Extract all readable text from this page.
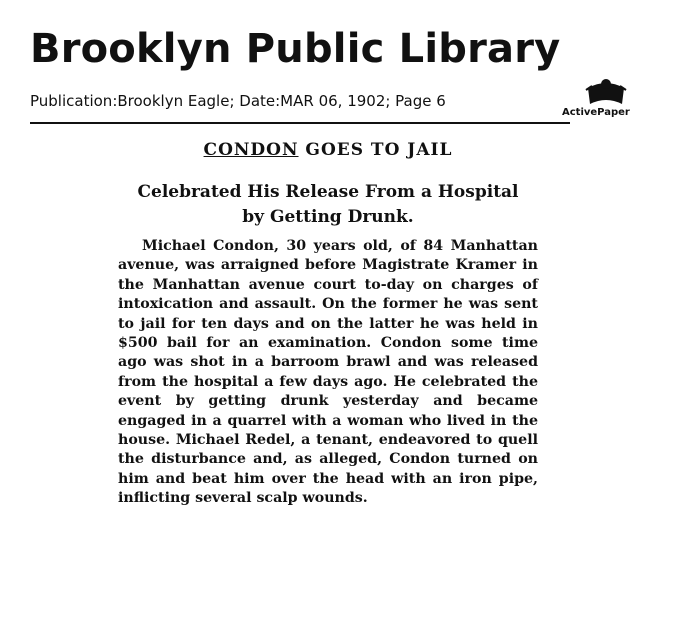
Brooklyn Public Library
Publication:Brooklyn Eagle; Date:MAR 06, 1902; Page 6
ActivePaper
CONDON GOES TO JAIL
Celebrated His Release From a Hospital
by Getting Drunk.

Michael Condon, 30 years old, of 84 Manhattan avenue, was arraigned before Magistrate Kramer in the Manhattan avenue court to-day on charges of intoxication and assault. On the former he was sent to jail for ten days and on the latter he was held in $500 bail for an examination. Condon some time ago was shot in a barroom brawl and was released from the hospital a few days ago. He celebrated the event by getting drunk yesterday and became engaged in a quarrel with a woman who lived in the house. Michael Redel, a tenant, endeavored to quell the disturbance and, as alleged, Condon turned on him and beat him over the head with an iron pipe, inflicting several scalp wounds.
